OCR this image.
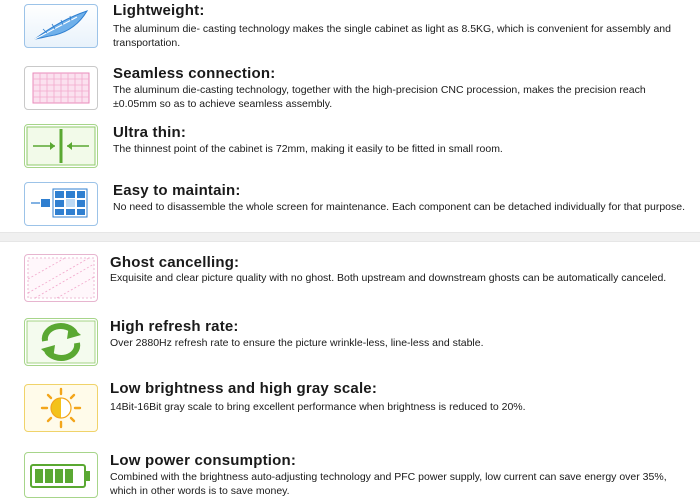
Lightweight:
The aluminum die- casting technology makes the single cabinet as light as 8.5KG, which is convenient for assembly and transportation.
Seamless connection:
The aluminum die-casting technology, together with the high-precision CNC procession, makes the precision reach ±0.05mm so as to achieve seamless assembly.
Ultra thin:
The thinnest point of the cabinet is 72mm, making it easily to be fitted in small room.
Easy to maintain:
No need to disassemble the whole screen for maintenance. Each component can be detached individually for that purpose.
Ghost cancelling:
Exquisite and clear picture quality with no ghost. Both upstream and downstream ghosts can be automatically canceled.
High refresh rate:
Over 2880Hz refresh rate to ensure the picture wrinkle-less, line-less and stable.
Low brightness and high gray scale:
14Bit-16Bit gray scale to bring excellent performance when brightness is reduced to 20%.
Low power consumption:
Combined with the brightness auto-adjusting technology and PFC power supply, low current can save energy over 35%, which in other words is to save money.
